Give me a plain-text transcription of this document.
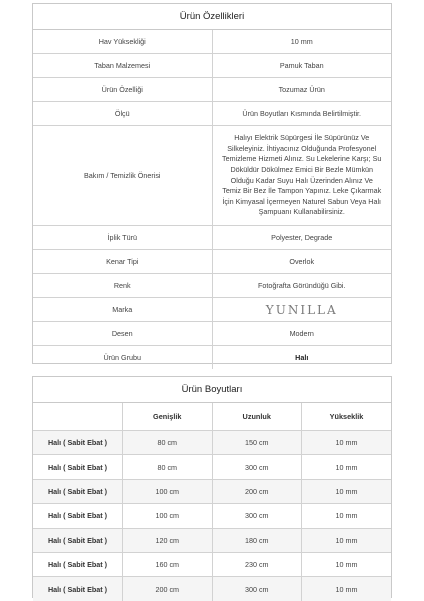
Ürün Özellikleri
Hav Yüksekliği	10 mm
Taban Malzemesi	Pamuk Taban
Ürün Özelliği	Tozumaz Ürün
Ölçü	Ürün Boyutları Kısmında Belirtilmiştir.
Bakım / Temizlik Önerisi	Halıyı Elektrik Süpürgesi İle Süpürünüz Ve Silkeleyiniz. İhtiyacınız Olduğunda Profesyonel Temizleme Hizmeti Alınız. Su Lekelerine Karşı; Su Döküldür Dökülmez Emici Bir Bezle Mümkün Olduğu Kadar Suyu Halı Üzerinden Alınız Ve Temiz Bir Bez İle Tampon Yapınız. Leke Çıkarmak İçin Kimyasal İçermeyen Naturel Sabun Veya Halı Şampuanı Kullanabilirsiniz.
İplik Türü	Polyester, Degrade
Kenar Tipi	Overlok
Renk	Fotoğrafta Göründüğü Gibi.
Marka	YUNILLA
Desen	Modern
Ürün Grubu	Halı
Ürün Boyutları
	Genişlik	Uzunluk	Yükseklik
Halı ( Sabit Ebat )	80 cm	150 cm	10 mm
Halı ( Sabit Ebat )	80 cm	300 cm	10 mm
Halı ( Sabit Ebat )	100 cm	200 cm	10 mm
Halı ( Sabit Ebat )	100 cm	300 cm	10 mm
Halı ( Sabit Ebat )	120 cm	180 cm	10 mm
Halı ( Sabit Ebat )	160 cm	230 cm	10 mm
Halı ( Sabit Ebat )	200 cm	300 cm	10 mm
